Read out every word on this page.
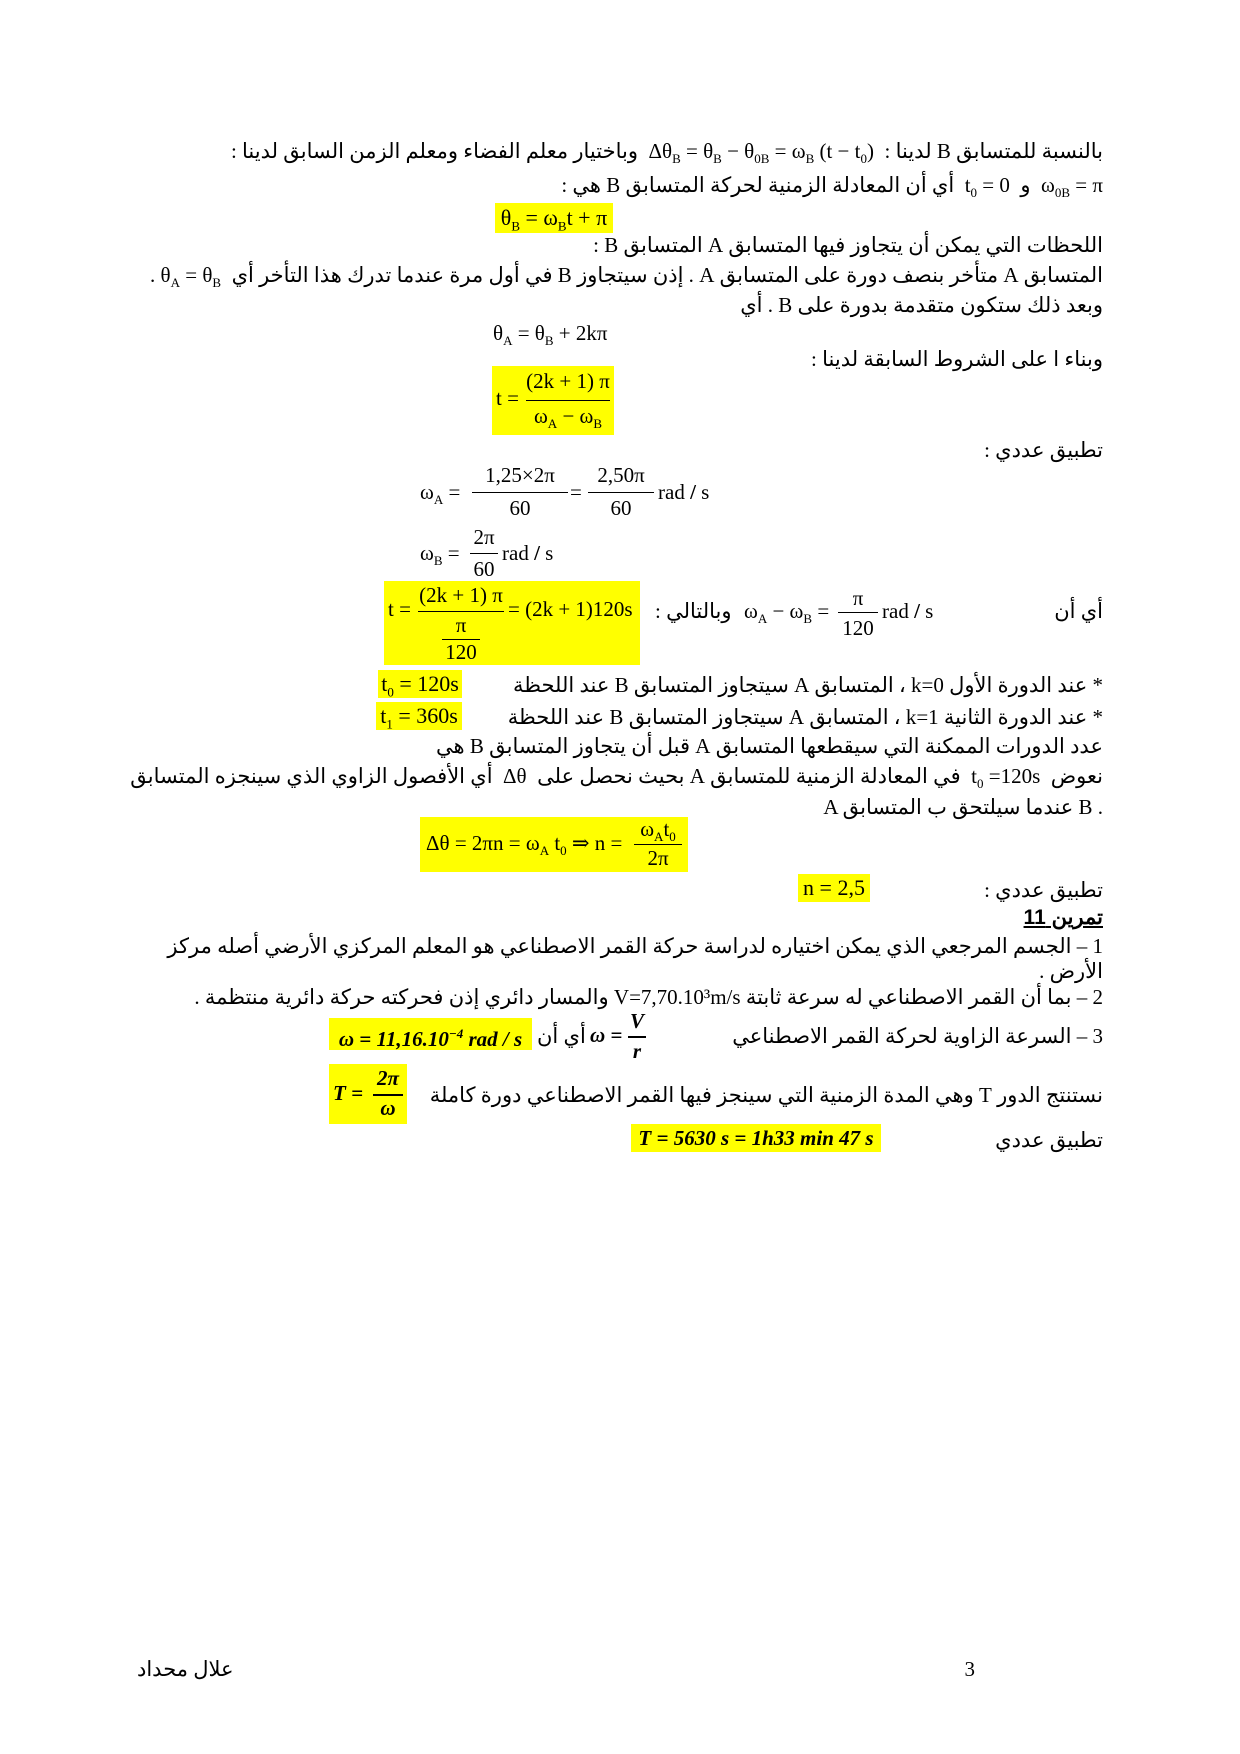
وباختيار معلم الفضاء ومعلم الزمن السابق لدينا :  $\Delta\theta_B = \theta_B - \theta_{0B} = \omega_B$ $(t - t_0)$  بالنسبة للمتسابق B لدينا :
أي أن المعادلة الزمنية لحركة المتسابق B هي :  $t_0 = 0$  و  $\omega_{0B} = \pi$
$\theta_B = \omega_Bt + \pi$
اللحظات التي يمكن أن يتجاوز فيها المتسابق A المتسابق B :
. $\theta_A = \theta_B$ المتسابق A متأخر بنصف دورة على المتسابق A . إذن سيتجاوز B في أول مرة عندما تدرك هذا التأخر أي
وبعد ذلك ستكون متقدمة بدورة على B . أي
$\theta_A = \theta_B + 2k\pi$
وبناء ا على الشروط السابقة لدينا :
t =
(2k + 1) π
$\omega_A - \omega_B$
تطبيق عددي :
$\omega_A$ =
1,25×2π
60
=
2,50π
60
rad / s
$\omega_B$ =
2π
60
rad / s
أي أن
$\omega_A - \omega_B$ =
π
120
rad / s
وبالتالي :
t =
(2k + 1) π
π
120
= (2k + 1)120s
* عند الدورة الأول k=0 ، المتسابق A سيتجاوز المتسابق B عند اللحظة
$t_0 = 120s$
* عند الدورة الثانية k=1 ، المتسابق A سيتجاوز المتسابق B عند اللحظة
$t_1 = 360s$
عدد الدورات الممكنة التي سيقطعها المتسابق A قبل أن يتجاوز المتسابق B هي
أي الأفصول الزاوي الذي سينجزه المتسابق  Δθ  في المعادلة الزمنية للمتسابق A بحيث نحصل على  $t_0 =120s$  نعوض
A عندما سيلتحق ب المتسابق B .
$\Delta\theta = 2\pi n = \omega_A$ $t_0$ ⇒ n =
$\omega_At_0$
2π
تطبيق عددي :
n = 2,5
تمرين 11
1 – الجسم المرجعي الذي يمكن اختياره لدراسة حركة القمر الاصطناعي هو المعلم المركزي الأرضي أصله مركز
الأرض .
2 – بما أن القمر الاصطناعي له سرعة ثابتة V=7,70.10³m/s والمسار دائري إذن فحركته حركة دائرية منتظمة .
3 – السرعة الزاوية لحركة القمر الاصطناعي
ω =
V
r
أي أن
$\omega = 11,16.10^{-4}$ rad / s
نستنتج الدور T وهي المدة الزمنية التي سينجز فيها القمر الاصطناعي دورة كاملة
T =
2π
ω
تطبيق عددي
T = 5630 s = 1h33 min 47 s
3
علال محداد
